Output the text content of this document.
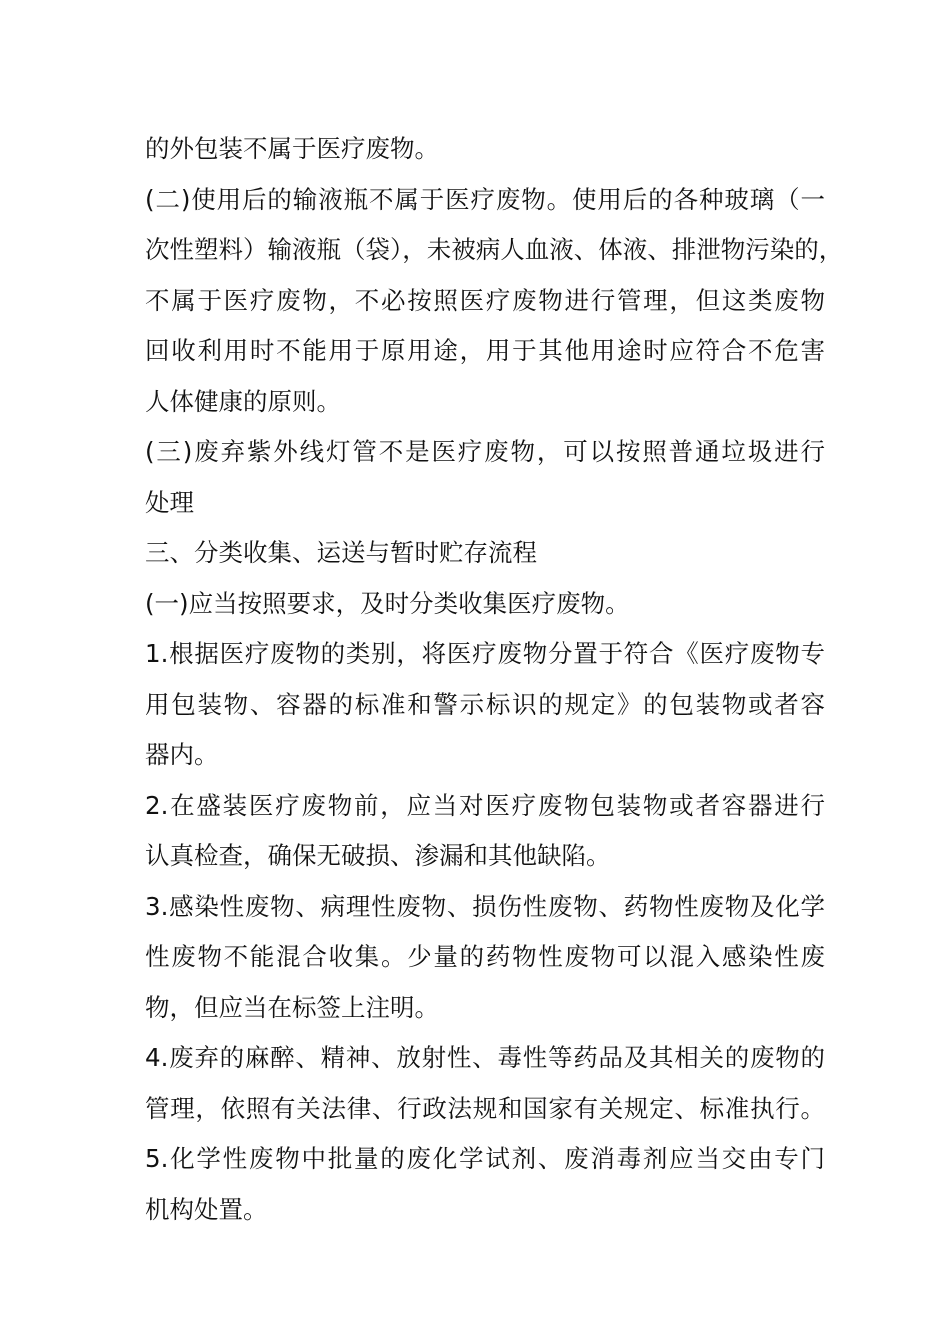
的外包装不属于医疗废物。
(二)使用后的输液瓶不属于医疗废物。使用后的各种玻璃（一
次性塑料）输液瓶（袋），未被病人血液、体液、排泄物污染的，
不属于医疗废物，不必按照医疗废物进行管理，但这类废物
回收利用时不能用于原用途，用于其他用途时应符合不危害
人体健康的原则。
(三)废弃紫外线灯管不是医疗废物，可以按照普通垃圾进行
处理
三、分类收集、运送与暂时贮存流程
(一)应当按照要求，及时分类收集医疗废物。
1.根据医疗废物的类别，将医疗废物分置于符合《医疗废物专
用包装物、容器的标准和警示标识的规定》的包装物或者容
器内。
2.在盛装医疗废物前，应当对医疗废物包装物或者容器进行
认真检查，确保无破损、渗漏和其他缺陷。
3.感染性废物、病理性废物、损伤性废物、药物性废物及化学
性废物不能混合收集。少量的药物性废物可以混入感染性废
物，但应当在标签上注明。
4.废弃的麻醉、精神、放射性、毒性等药品及其相关的废物的
管理，依照有关法律、行政法规和国家有关规定、标准执行。
5.化学性废物中批量的废化学试剂、废消毒剂应当交由专门
机构处置。
